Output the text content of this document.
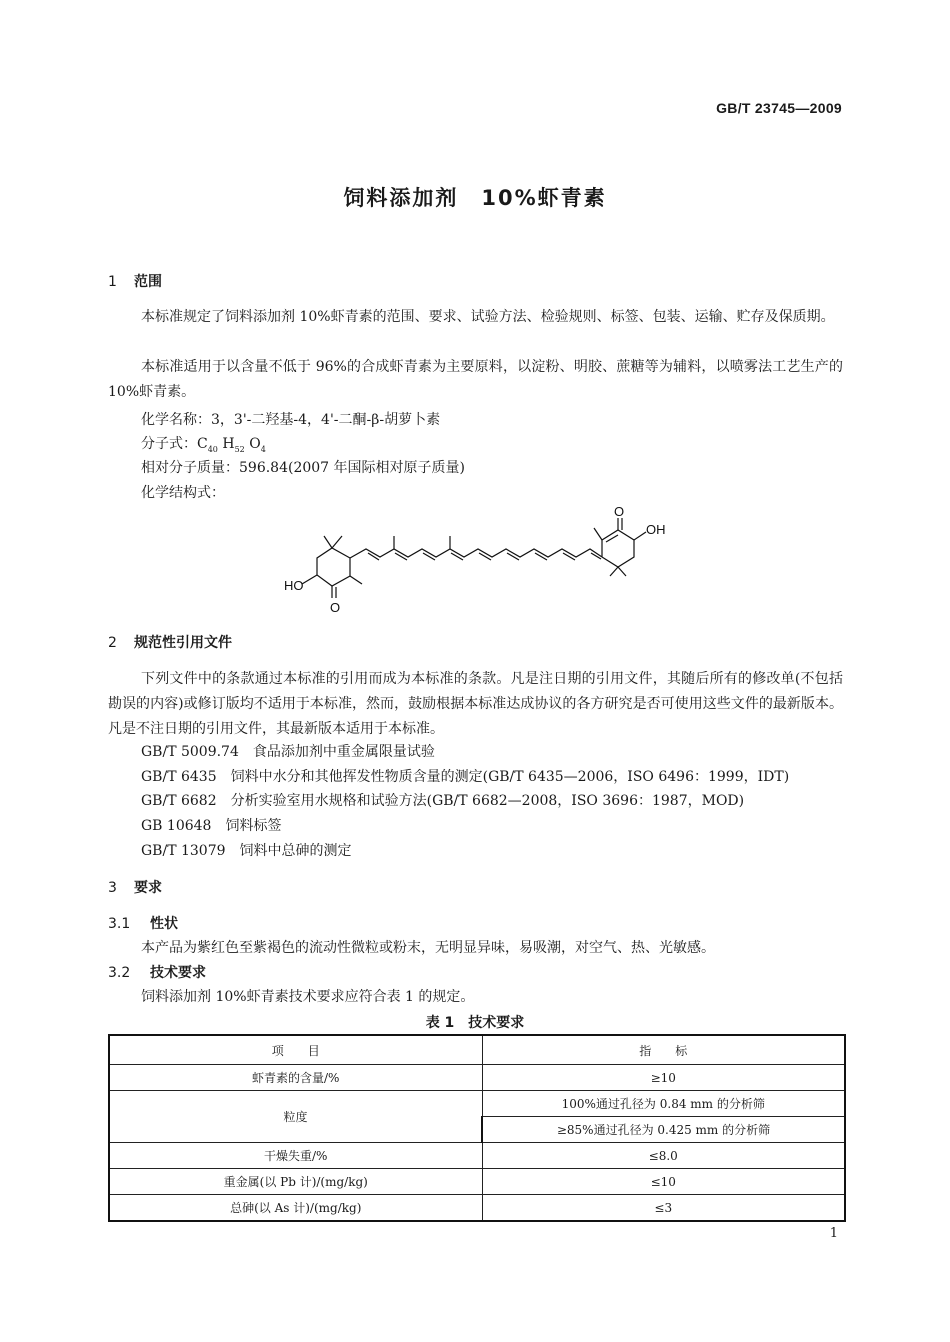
GB/T 23745—2009
饲料添加剂　10%虾青素
1 范围
本标准规定了饲料添加剂 10%虾青素的范围、要求、试验方法、检验规则、标签、包装、运输、贮存及保质期。
本标准适用于以含量不低于 96%的合成虾青素为主要原料，以淀粉、明胶、蔗糖等为辅料，以喷雾法工艺生产的 10%虾青素。
化学名称：3，3'-二羟基-4，4'-二酮-β-胡萝卜素
分子式：$C_{40}$ $H_{52}$ $O_4$
相对分子质量：596.84(2007 年国际相对原子质量)
化学结构式：
HO
O
O
OH
2 规范性引用文件
下列文件中的条款通过本标准的引用而成为本标准的条款。凡是注日期的引用文件，其随后所有的修改单(不包括勘误的内容)或修订版均不适用于本标准，然而，鼓励根据本标准达成协议的各方研究是否可使用这些文件的最新版本。凡是不注日期的引用文件，其最新版本适用于本标准。
GB/T 5009.74 食品添加剂中重金属限量试验
GB/T 6435 饲料中水分和其他挥发性物质含量的测定(GB/T 6435—2006，ISO 6496：1999，IDT)
GB/T 6682 分析实验室用水规格和试验方法(GB/T 6682—2008，ISO 3696：1987，MOD)
GB 10648 饲料标签
GB/T 13079 饲料中总砷的测定
3 要求
3.1 性状
本产品为紫红色至紫褐色的流动性微粒或粉末，无明显异味，易吸潮，对空气、热、光敏感。
3.2 技术要求
饲料添加剂 10%虾青素技术要求应符合表 1 的规定。
表 1　技术要求
项　　目	指　　标
虾青素的含量/%	≥10
粒度	100%通过孔径为 0.84 mm 的分析筛
	≥85%通过孔径为 0.425 mm 的分析筛
干燥失重/%	≤8.0
重金属(以 Pb 计)/(mg/kg)	≤10
总砷(以 As 计)/(mg/kg)	≤3
1
